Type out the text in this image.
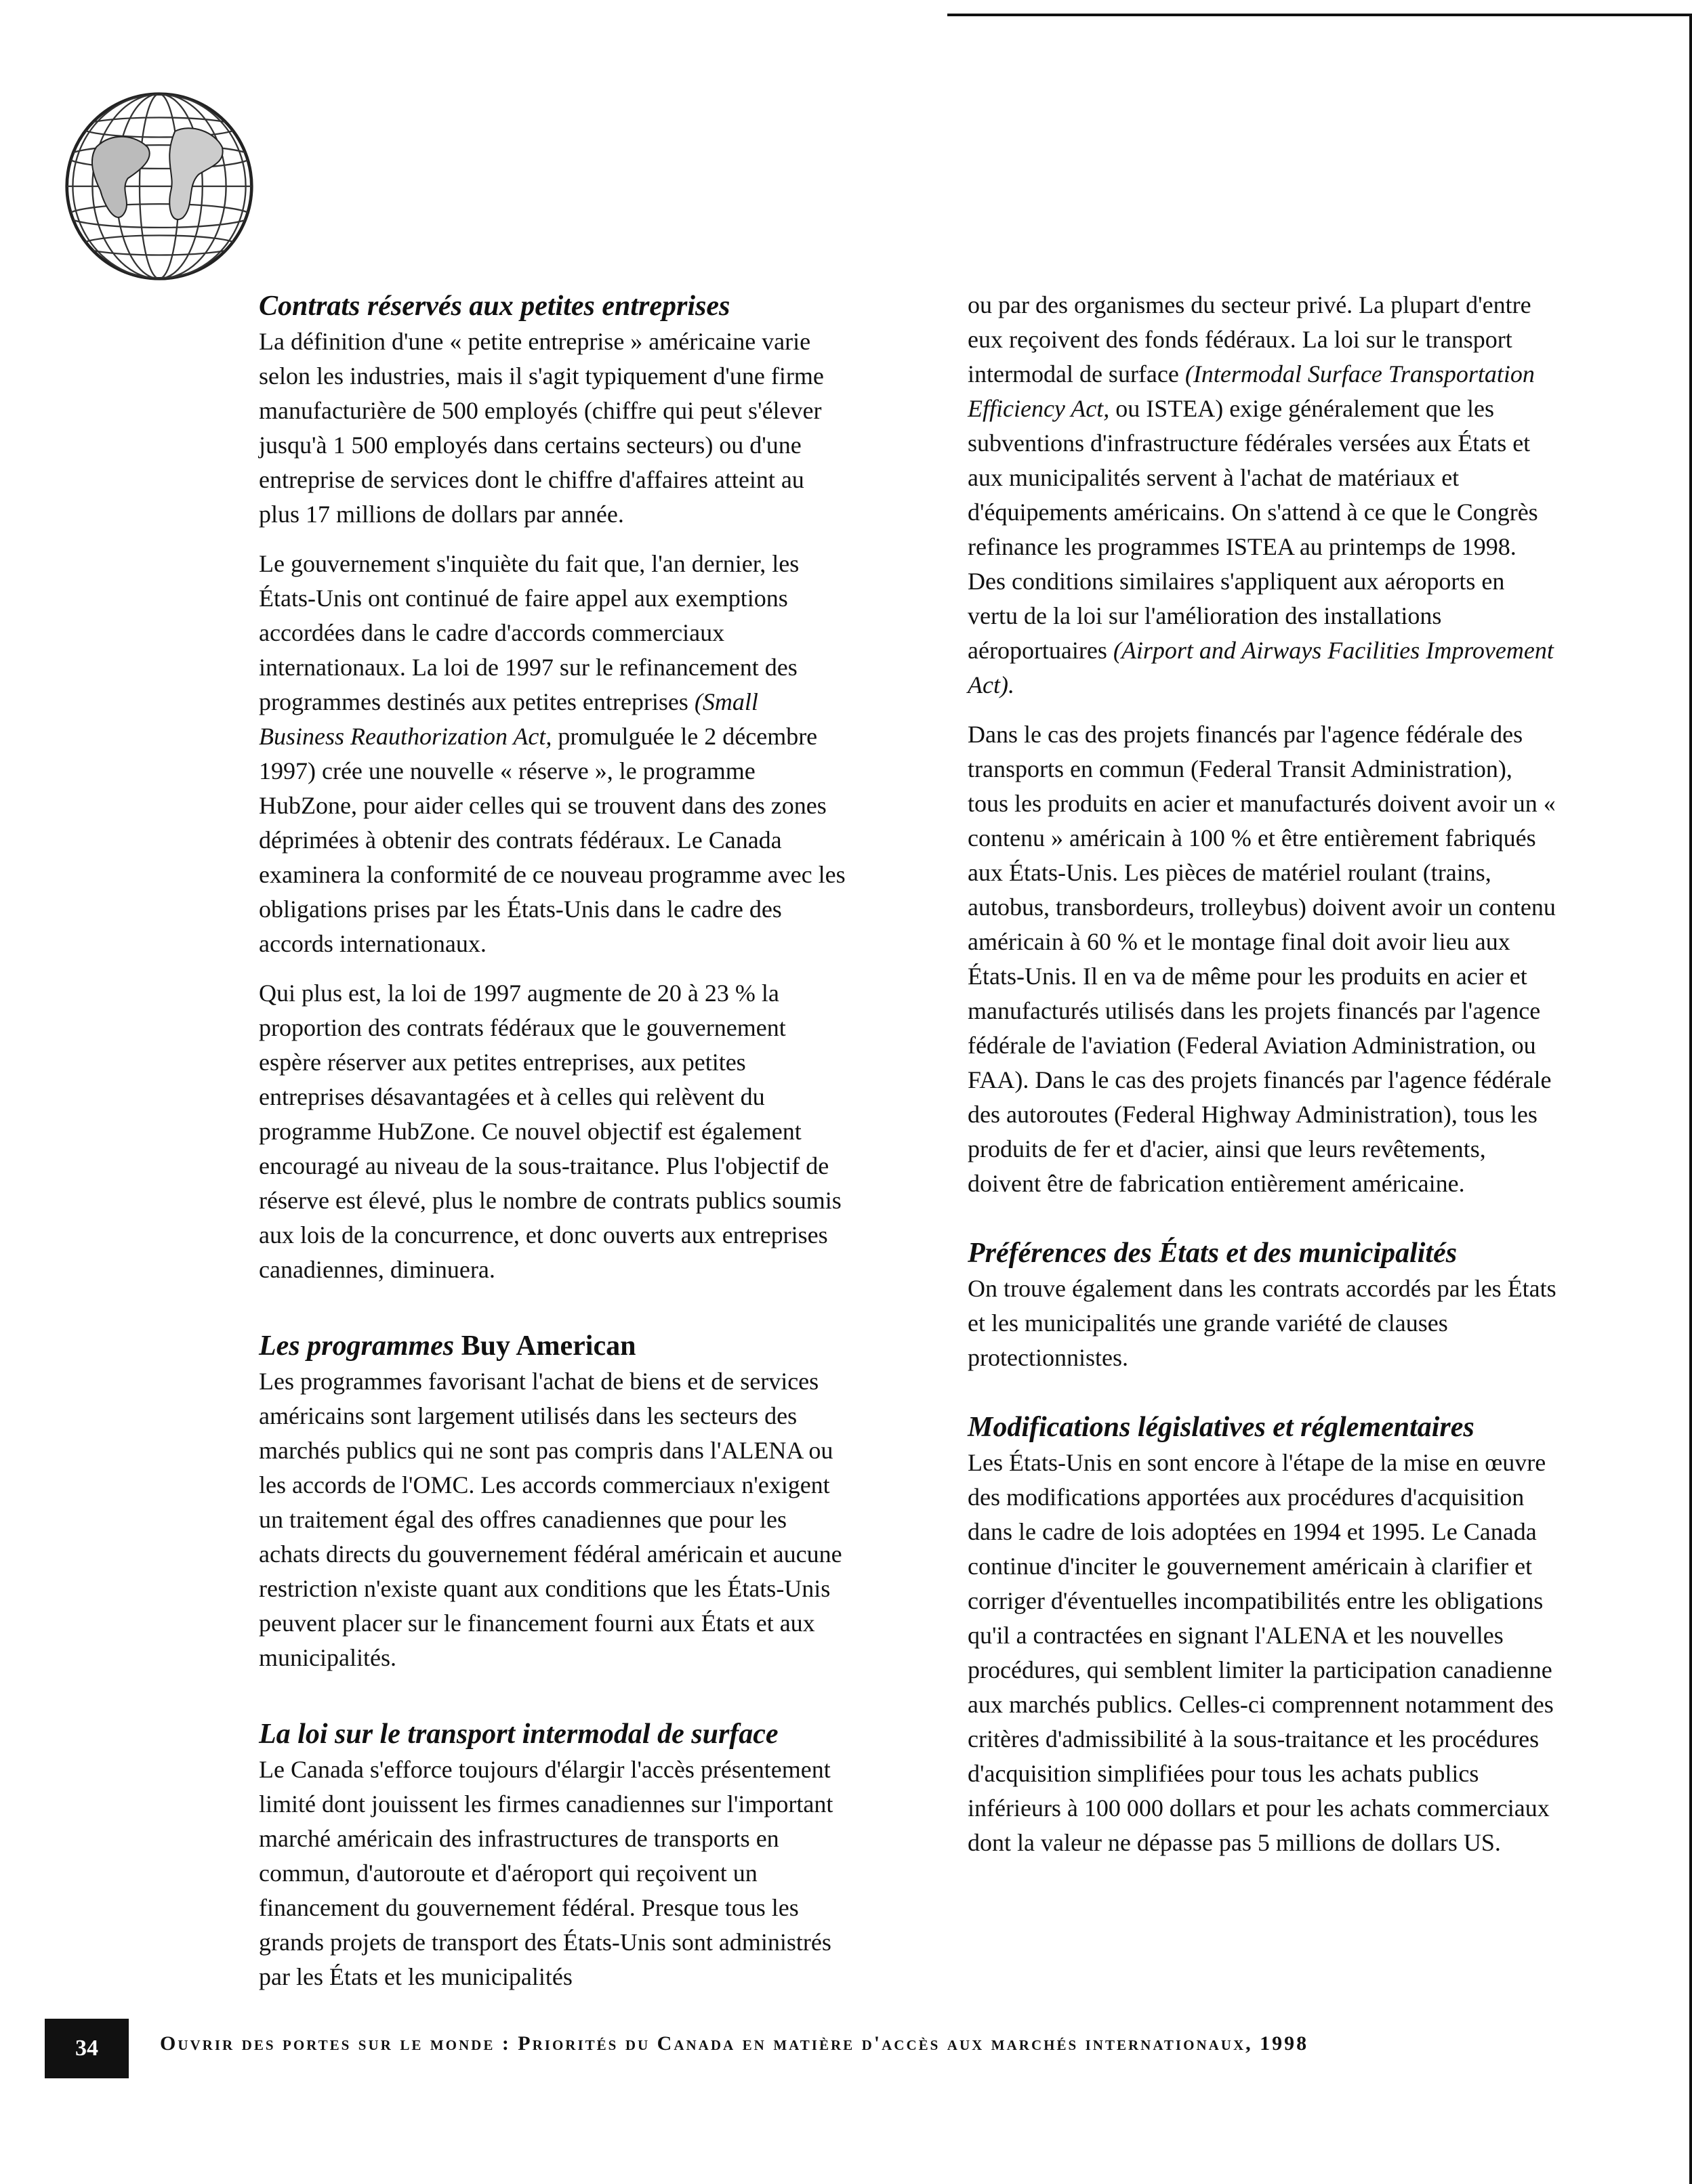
Contrats réservés aux petites entreprises

La définition d'une « petite entreprise » américaine varie selon les industries, mais il s'agit typiquement d'une firme manufacturière de 500 employés (chiffre qui peut s'élever jusqu'à 1 500 employés dans certains secteurs) ou d'une entreprise de services dont le chiffre d'affaires atteint au plus 17 millions de dollars par année.

Le gouvernement s'inquiète du fait que, l'an dernier, les États-Unis ont continué de faire appel aux exemptions accordées dans le cadre d'accords commerciaux internationaux. La loi de 1997 sur le refinancement des programmes destinés aux petites entreprises (Small Business Reauthorization Act, promulguée le 2 décembre 1997) crée une nouvelle « réserve », le programme HubZone, pour aider celles qui se trouvent dans des zones déprimées à obtenir des contrats fédéraux. Le Canada examinera la conformité de ce nouveau programme avec les obligations prises par les États-Unis dans le cadre des accords internationaux.

Qui plus est, la loi de 1997 augmente de 20 à 23 % la proportion des contrats fédéraux que le gouvernement espère réserver aux petites entreprises, aux petites entreprises désavantagées et à celles qui relèvent du programme HubZone. Ce nouvel objectif est également encouragé au niveau de la sous-traitance. Plus l'objectif de réserve est élevé, plus le nombre de contrats publics soumis aux lois de la concurrence, et donc ouverts aux entreprises canadiennes, diminuera.

Les programmes Buy American

Les programmes favorisant l'achat de biens et de services américains sont largement utilisés dans les secteurs des marchés publics qui ne sont pas compris dans l'ALENA ou les accords de l'OMC. Les accords commerciaux n'exigent un traitement égal des offres canadiennes que pour les achats directs du gouvernement fédéral américain et aucune restriction n'existe quant aux conditions que les États-Unis peuvent placer sur le financement fourni aux États et aux municipalités.

La loi sur le transport intermodal de surface

Le Canada s'efforce toujours d'élargir l'accès présentement limité dont jouissent les firmes canadiennes sur l'important marché américain des infrastructures de transports en commun, d'autoroute et d'aéroport qui reçoivent un financement du gouvernement fédéral. Presque tous les grands projets de transport des États-Unis sont administrés par les États et les municipalités

ou par des organismes du secteur privé. La plupart d'entre eux reçoivent des fonds fédéraux. La loi sur le transport intermodal de surface (Intermodal Surface Transportation Efficiency Act, ou ISTEA) exige généralement que les subventions d'infrastructure fédérales versées aux États et aux municipalités servent à l'achat de matériaux et d'équipements américains. On s'attend à ce que le Congrès refinance les programmes ISTEA au printemps de 1998. Des conditions similaires s'appliquent aux aéroports en vertu de la loi sur l'amélioration des installations aéroportuaires (Airport and Airways Facilities Improvement Act).

Dans le cas des projets financés par l'agence fédérale des transports en commun (Federal Transit Administration), tous les produits en acier et manufacturés doivent avoir un « contenu » américain à 100 % et être entièrement fabriqués aux États-Unis. Les pièces de matériel roulant (trains, autobus, transbordeurs, trolleybus) doivent avoir un contenu américain à 60 % et le montage final doit avoir lieu aux États-Unis. Il en va de même pour les produits en acier et manufacturés utilisés dans les projets financés par l'agence fédérale de l'aviation (Federal Aviation Administration, ou FAA). Dans le cas des projets financés par l'agence fédérale des autoroutes (Federal Highway Administration), tous les produits de fer et d'acier, ainsi que leurs revêtements, doivent être de fabrication entièrement américaine.

Préférences des États et des municipalités

On trouve également dans les contrats accordés par les États et les municipalités une grande variété de clauses protectionnistes.

Modifications législatives et réglementaires

Les États-Unis en sont encore à l'étape de la mise en œuvre des modifications apportées aux procédures d'acquisition dans le cadre de lois adoptées en 1994 et 1995. Le Canada continue d'inciter le gouvernement américain à clarifier et corriger d'éventuelles incompatibilités entre les obligations qu'il a contractées en signant l'ALENA et les nouvelles procédures, qui semblent limiter la participation canadienne aux marchés publics. Celles-ci comprennent notamment des critères d'admissibilité à la sous-traitance et les procédures d'acquisition simplifiées pour tous les achats publics inférieurs à 100 000 dollars et pour les achats commerciaux dont la valeur ne dépasse pas 5 millions de dollars US.

34	Ouvrir des portes sur le monde : Priorités du Canada en matière d'accès aux marchés internationaux, 1998
